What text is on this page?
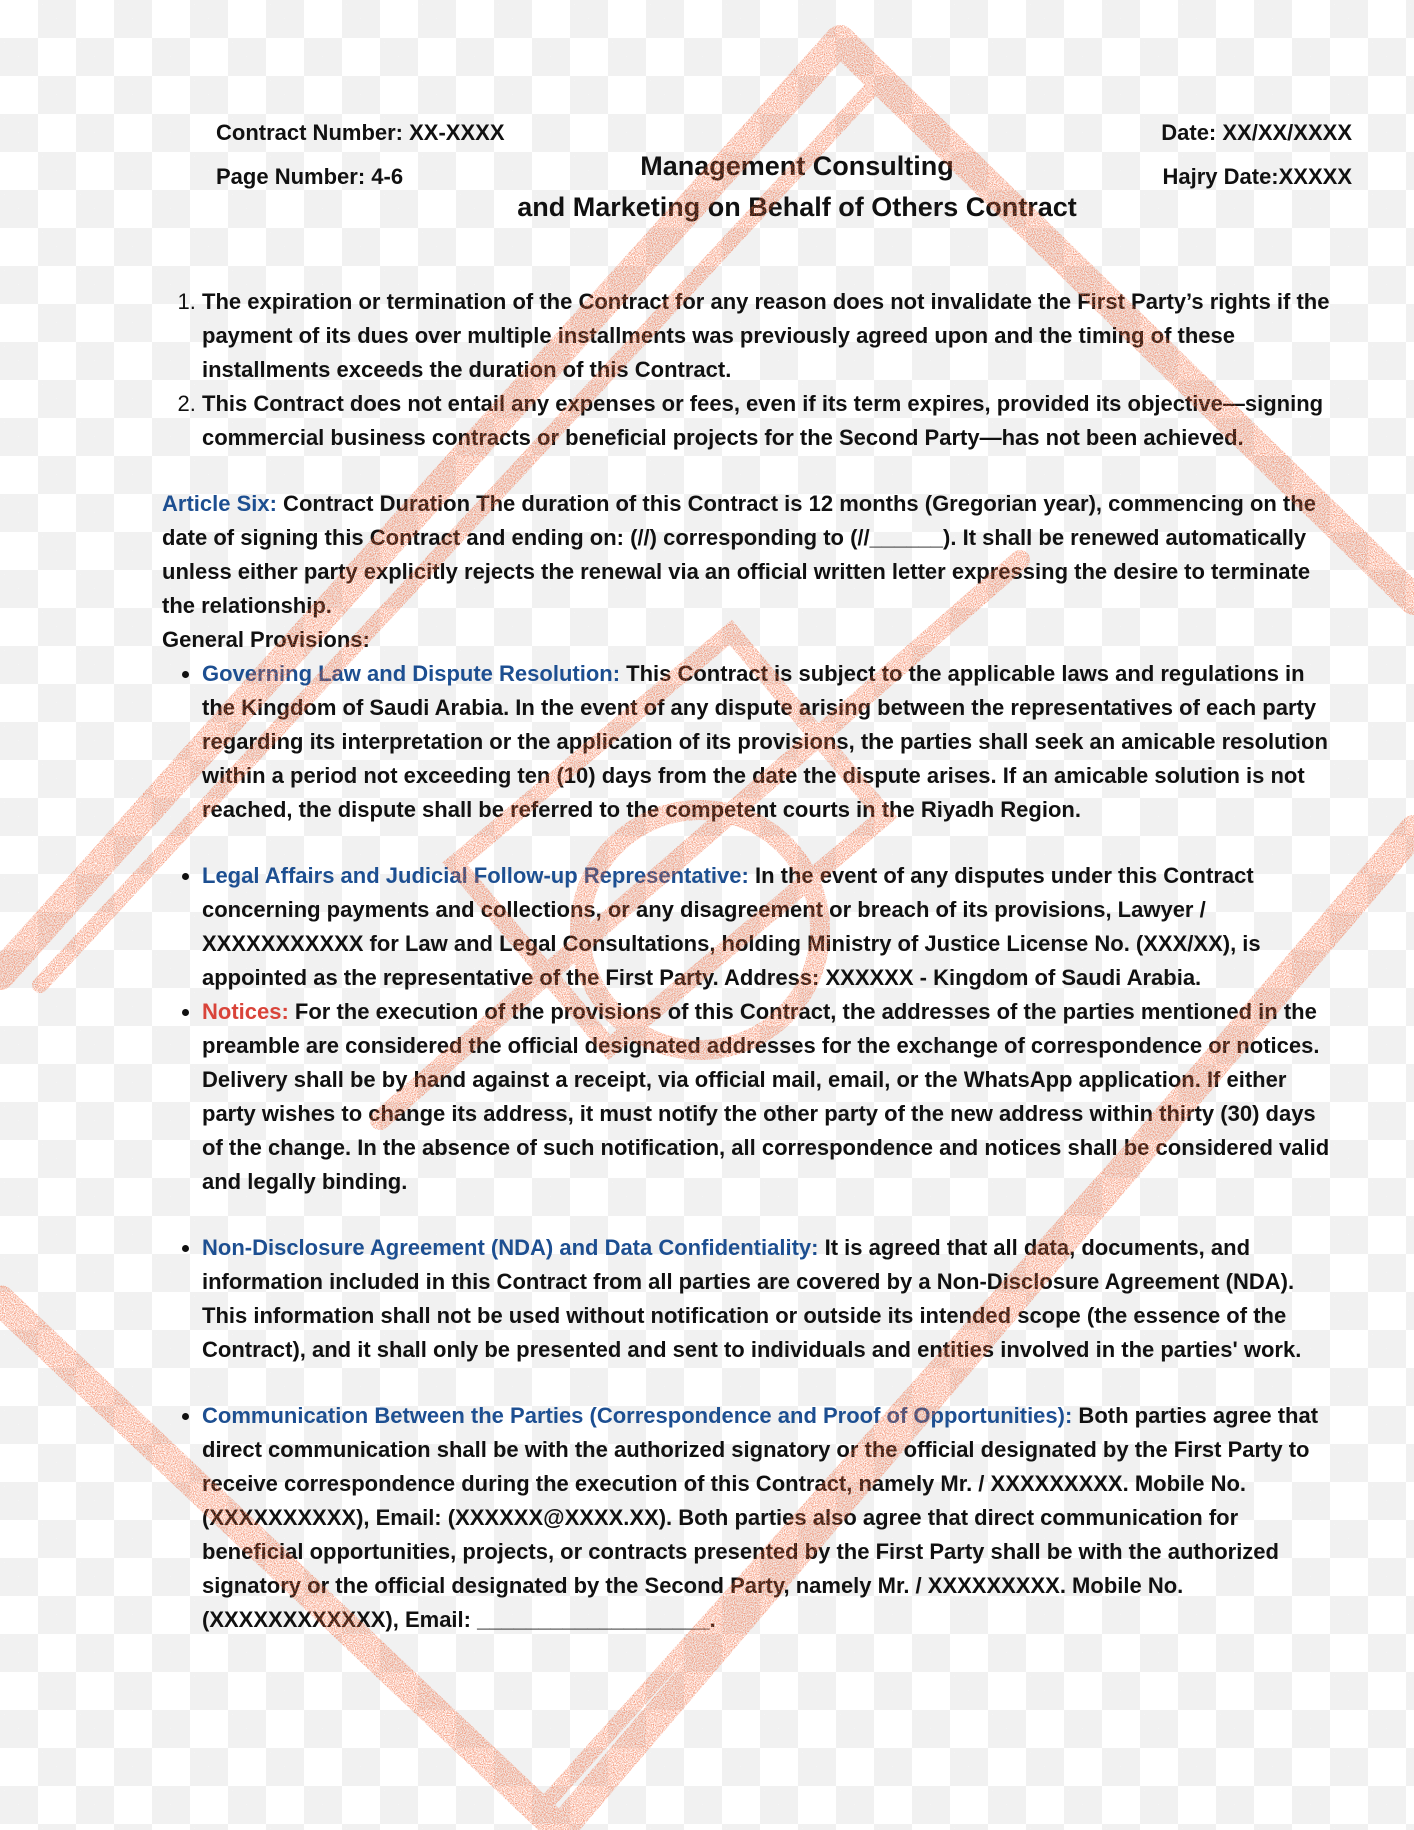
Contract Number: XX-XXXX
Page Number: 4-6
Date: XX/XX/XXXX
Hajry Date:XXXXX
Management Consulting
and Marketing on Behalf of Others Contract
1. The expiration or termination of the Contract for any reason does not invalidate the First Party’s rights if the payment of its dues over multiple installments was previously agreed upon and the timing of these installments exceeds the duration of this Contract.
2. This Contract does not entail any expenses or fees, even if its term expires, provided its objective—signing commercial business contracts or beneficial projects for the Second Party—has not been achieved.

Article Six: Contract Duration The duration of this Contract is 12 months (Gregorian year), commencing on the date of signing this Contract and ending on: (//) corresponding to (//______). It shall be renewed automatically unless either party explicitly rejects the renewal via an official written letter expressing the desire to terminate the relationship.

General Provisions:

• Governing Law and Dispute Resolution: This Contract is subject to the applicable laws and regulations in the Kingdom of Saudi Arabia. In the event of any dispute arising between the representatives of each party regarding its interpretation or the application of its provisions, the parties shall seek an amicable resolution within a period not exceeding ten (10) days from the date the dispute arises. If an amicable solution is not reached, the dispute shall be referred to the competent courts in the Riyadh Region.
• Legal Affairs and Judicial Follow-up Representative: In the event of any disputes under this Contract concerning payments and collections, or any disagreement or breach of its provisions, Lawyer / XXXXXXXXXXX for Law and Legal Consultations, holding Ministry of Justice License No. (XXX/XX), is appointed as the representative of the First Party. Address: XXXXXX - Kingdom of Saudi Arabia.
• Notices: For the execution of the provisions of this Contract, the addresses of the parties mentioned in the preamble are considered the official designated addresses for the exchange of correspondence or notices. Delivery shall be by hand against a receipt, via official mail, email, or the WhatsApp application. If either party wishes to change its address, it must notify the other party of the new address within thirty (30) days of the change. In the absence of such notification, all correspondence and notices shall be considered valid and legally binding.
• Non-Disclosure Agreement (NDA) and Data Confidentiality: It is agreed that all data, documents, and information included in this Contract from all parties are covered by a Non-Disclosure Agreement (NDA). This information shall not be used without notification or outside its intended scope (the essence of the Contract), and it shall only be presented and sent to individuals and entities involved in the parties' work.
• Communication Between the Parties (Correspondence and Proof of Opportunities): Both parties agree that direct communication shall be with the authorized signatory or the official designated by the First Party to receive correspondence during the execution of this Contract, namely Mr. / XXXXXXXXX. Mobile No. (XXXXXXXXXX), Email: (XXXXXX@XXXX.XX). Both parties also agree that direct communication for beneficial opportunities, projects, or contracts presented by the First Party shall be with the authorized signatory or the official designated by the Second Party, namely Mr. / XXXXXXXXX. Mobile No. (XXXXXXXXXXXX), Email: ___________________.
